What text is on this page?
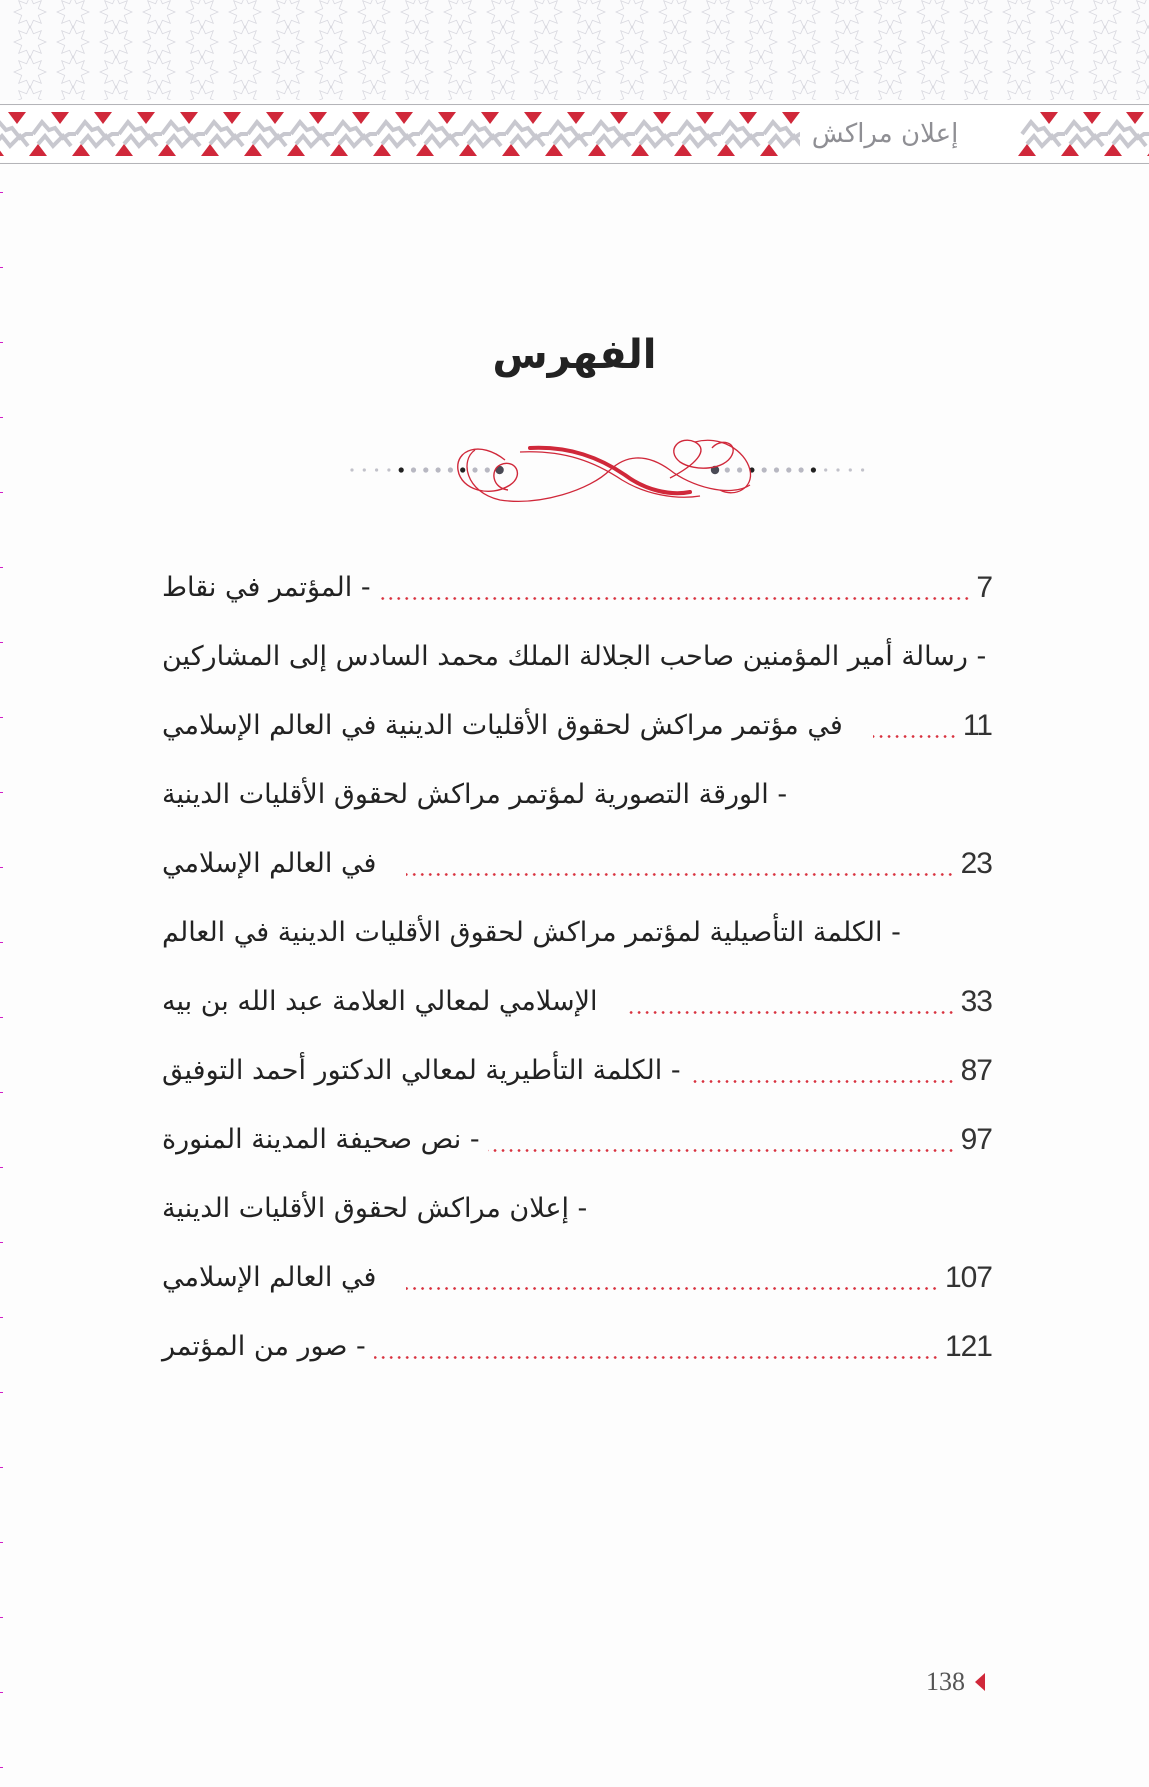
إعلان مراكش
الفهرس
- المؤتمر في نقاط	7
- رسالة أمير المؤمنين صاحب الجلالة الملك محمد السادس إلى المشاركين
في مؤتمر مراكش لحقوق الأقليات الدينية في العالم الإسلامي	11
- الورقة التصورية لمؤتمر مراكش لحقوق الأقليات الدينية
في العالم الإسلامي	23
- الكلمة التأصيلية لمؤتمر مراكش لحقوق الأقليات الدينية في العالم
الإسلامي لمعالي العلامة عبد الله بن بيه	33
- الكلمة التأطيرية لمعالي الدكتور أحمد التوفيق	87
- نص صحيفة المدينة المنورة	97
- إعلان مراكش لحقوق الأقليات الدينية
في العالم الإسلامي	107
- صور من المؤتمر	121
138
